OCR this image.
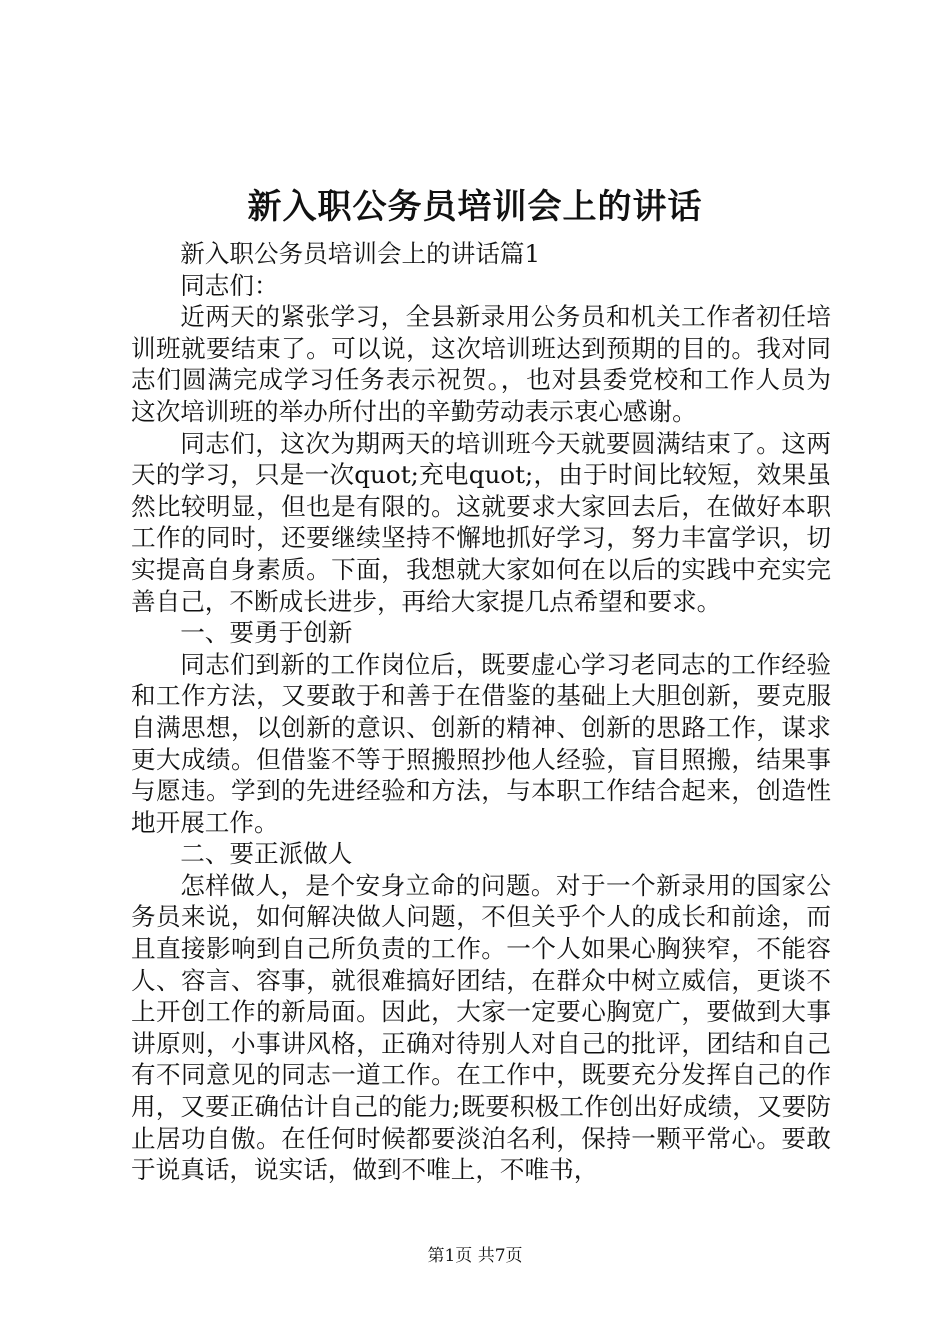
新入职公务员培训会上的讲话

新入职公务员培训会上的讲话篇1

同志们：

近两天的紧张学习，全县新录用公务员和机关工作者初任培训班就要结束了。可以说，这次培训班达到预期的目的。我对同志们圆满完成学习任务表示祝贺。，也对县委党校和工作人员为这次培训班的举办所付出的辛勤劳动表示衷心感谢。

同志们，这次为期两天的培训班今天就要圆满结束了。这两天的学习，只是一次quot;充电quot;，由于时间比较短，效果虽然比较明显，但也是有限的。这就要求大家回去后，在做好本职工作的同时，还要继续坚持不懈地抓好学习，努力丰富学识，切实提高自身素质。下面，我想就大家如何在以后的实践中充实完善自己，不断成长进步，再给大家提几点希望和要求。

一、要勇于创新

同志们到新的工作岗位后，既要虚心学习老同志的工作经验和工作方法，又要敢于和善于在借鉴的基础上大胆创新，要克服自满思想，以创新的意识、创新的精神、创新的思路工作，谋求更大成绩。但借鉴不等于照搬照抄他人经验，盲目照搬，结果事与愿违。学到的先进经验和方法，与本职工作结合起来，创造性地开展工作。

二、要正派做人

怎样做人，是个安身立命的问题。对于一个新录用的国家公务员来说，如何解决做人问题，不但关乎个人的成长和前途，而且直接影响到自己所负责的工作。一个人如果心胸狭窄，不能容人、容言、容事，就很难搞好团结，在群众中树立威信，更谈不上开创工作的新局面。因此，大家一定要心胸宽广，要做到大事讲原则，小事讲风格，正确对待别人对自己的批评，团结和自己有不同意见的同志一道工作。在工作中，既要充分发挥自己的作用，又要正确估计自己的能力;既要积极工作创出好成绩，又要防止居功自傲。在任何时候都要淡泊名利，保持一颗平常心。要敢于说真话，说实话，做到不唯上，不唯书，

第1页 共7页
